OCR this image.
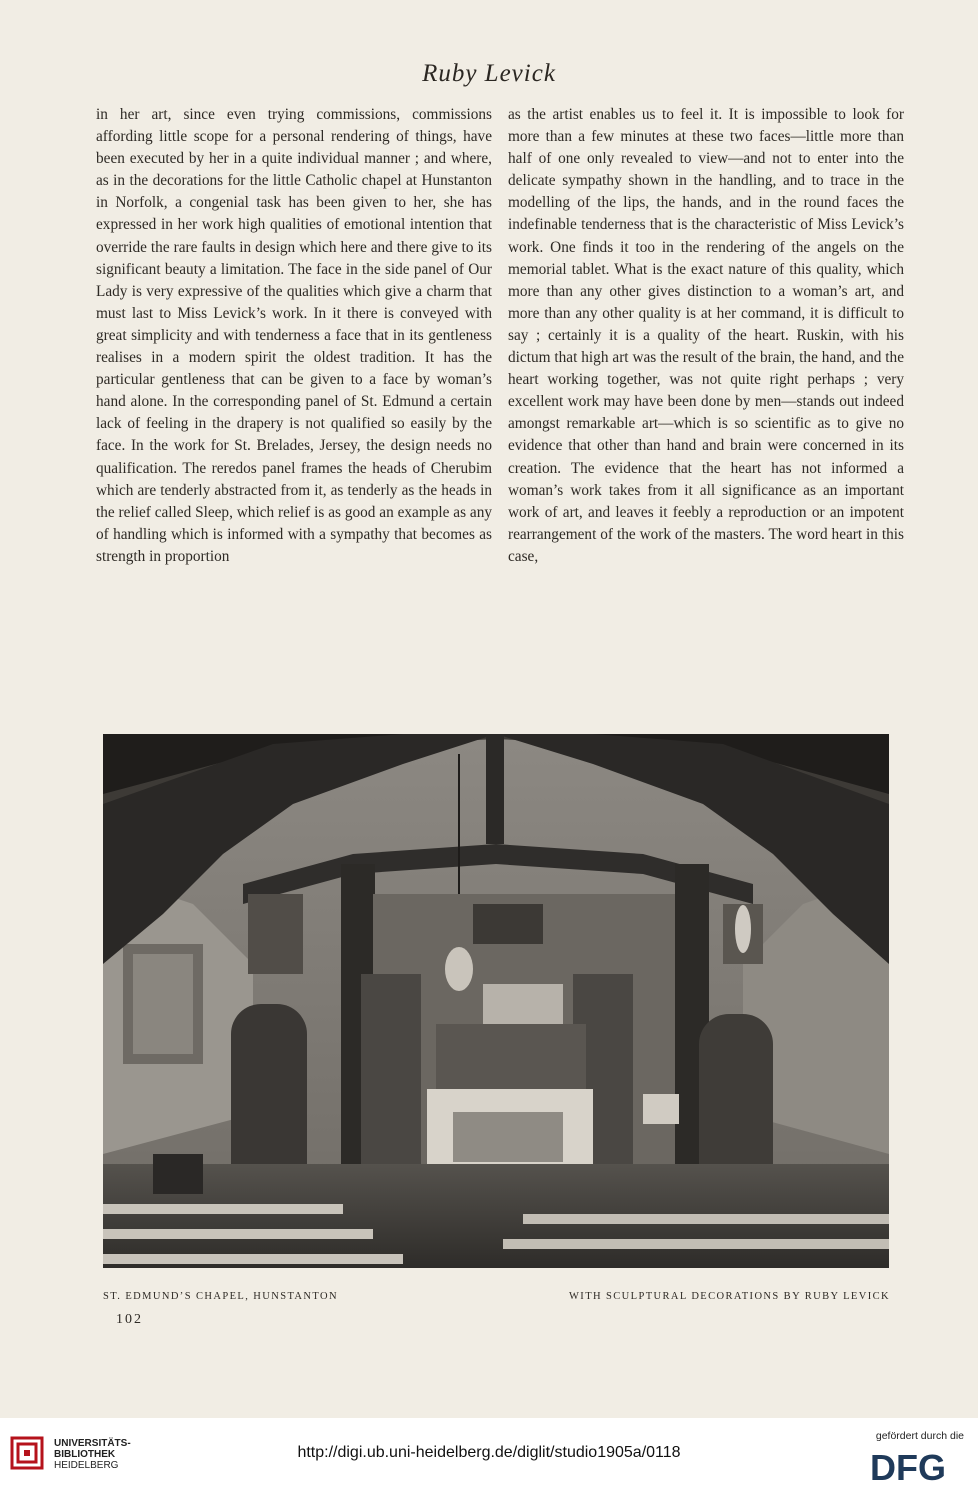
Ruby Levick

in her art, since even trying commissions, commissions affording little scope for a personal rendering of things, have been executed by her in a quite individual manner ; and where, as in the decorations for the little Catholic chapel at Hunstanton in Norfolk, a congenial task has been given to her, she has expressed in her work high qualities of emotional intention that override the rare faults in design which here and there give to its significant beauty a limitation. The face in the side panel of Our Lady is very expressive of the qualities which give a charm that must last to Miss Levick’s work. In it there is conveyed with great simplicity and with tenderness a face that in its gentleness realises in a modern spirit the oldest tradition. It has the particular gentleness that can be given to a face by woman’s hand alone. In the corresponding panel of St. Edmund a certain lack of feeling in the drapery is not qualified so easily by the face. In the work for St. Brelades, Jersey, the design needs no qualification. The reredos panel frames the heads of Cherubim which are tenderly abstracted from it, as tenderly as the heads in the relief called Sleep, which relief is as good an example as any of handling which is informed with a sympathy that becomes as strength in proportion

as the artist enables us to feel it. It is impossible to look for more than a few minutes at these two faces—little more than half of one only revealed to view—and not to enter into the delicate sympathy shown in the handling, and to trace in the modelling of the lips, the hands, and in the round faces the indefinable tenderness that is the characteristic of Miss Levick’s work. One finds it too in the rendering of the angels on the memorial tablet. What is the exact nature of this quality, which more than any other gives distinction to a woman’s art, and more than any other quality is at her command, it is difficult to say ; certainly it is a quality of the heart. Ruskin, with his dictum that high art was the result of the brain, the hand, and the heart working together, was not quite right perhaps ; very excellent work may have been done by men—stands out indeed amongst remarkable art—which is so scientific as to give no evidence that other than hand and brain were concerned in its creation. The evidence that the heart has not informed a woman’s work takes from it all significance as an important work of art, and leaves it feebly a reproduction or an impotent rearrangement of the work of the masters. The word heart in this case,

ST. EDMUND’S CHAPEL, HUNSTANTON	WITH SCULPTURAL DECORATIONS BY RUBY LEVICK
102
UNIVERSITÄTS-
BIBLIOTHEK
HEIDELBERG
http://digi.ub.uni-heidelberg.de/diglit/studio1905a/0118
gefördert durch die
DFG
